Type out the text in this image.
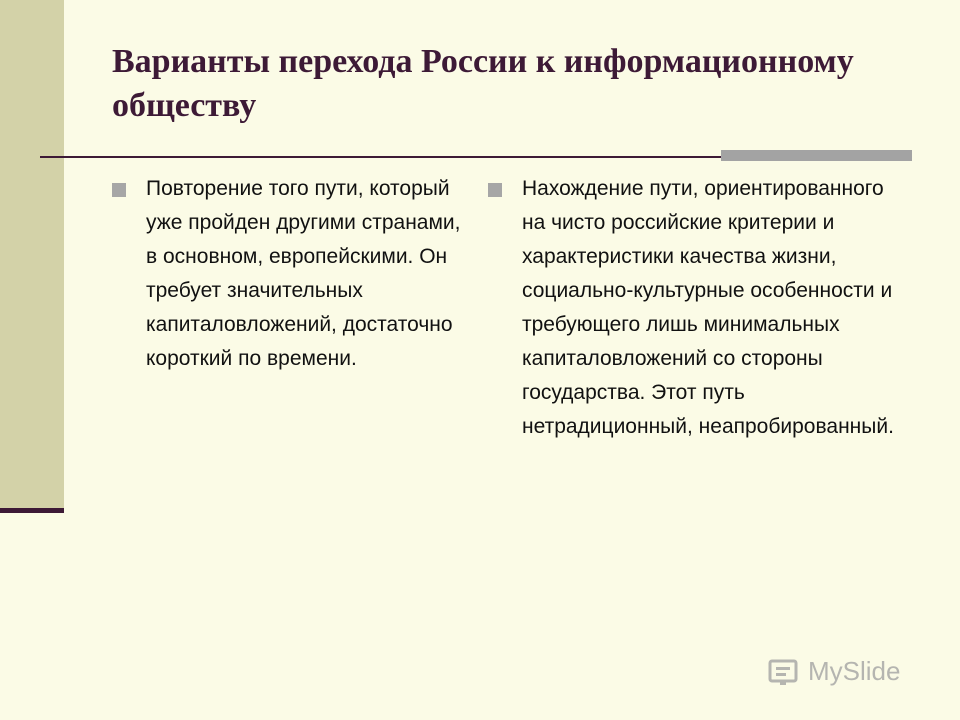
Варианты перехода России к информационному обществу
Повторение того пути, который уже пройден другими странами, в основном, европейскими. Он требует значительных капиталовложений, достаточно короткий по времени.
Нахождение пути, ориентированного на чисто российские критерии и характеристики качества жизни, социально-культурные особенности и требующего лишь минимальных капиталовложений со стороны государства. Этот путь нетрадиционный, неапробированный.
MySlide
